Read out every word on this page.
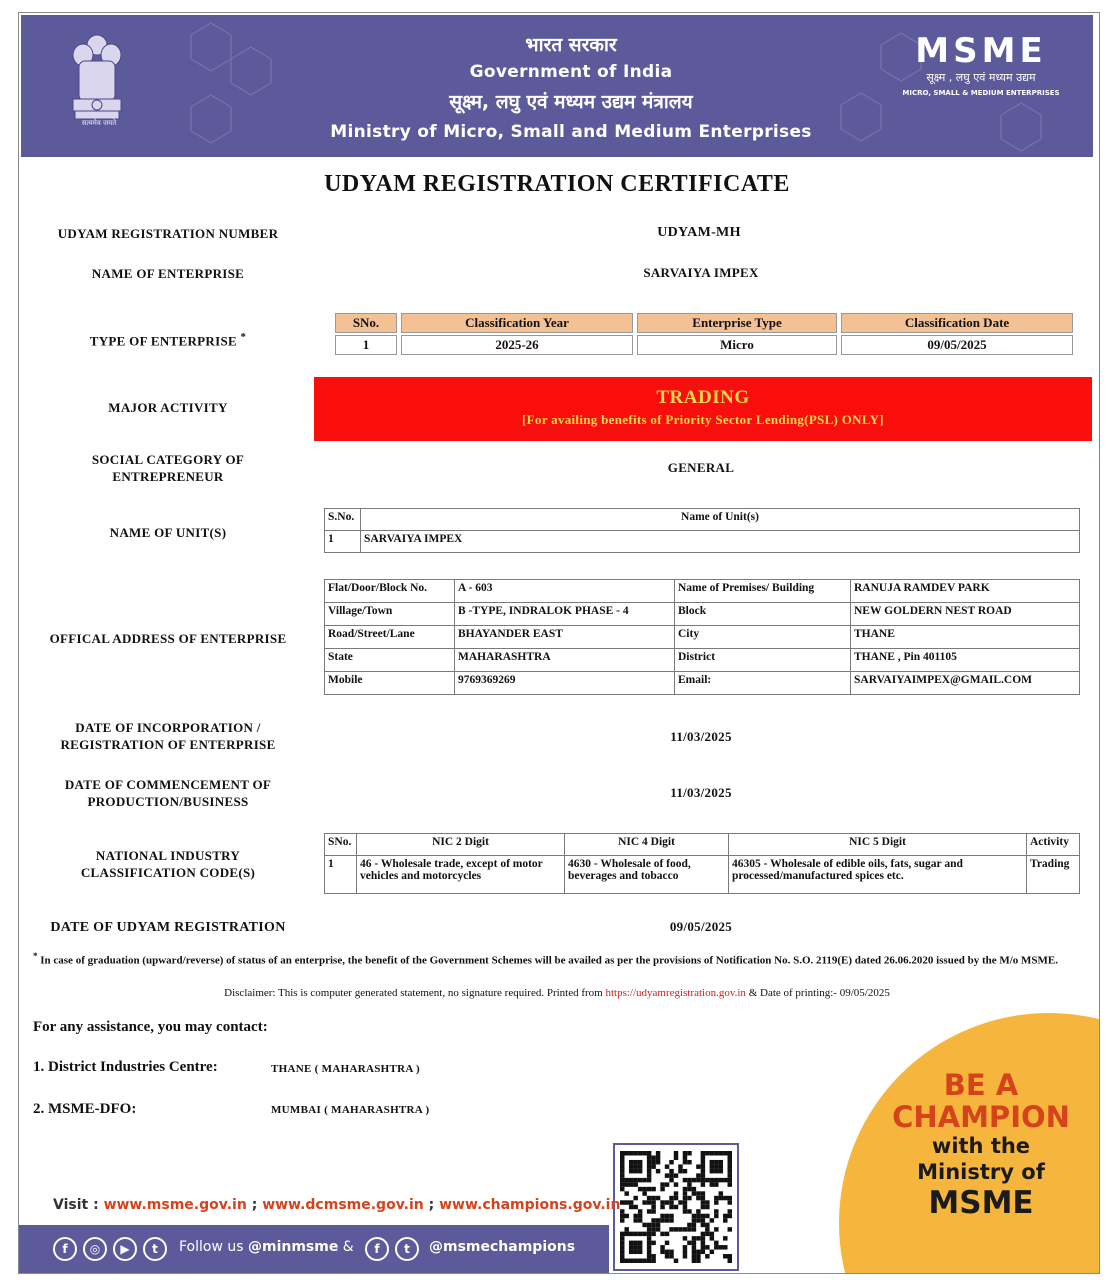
सत्यमेव जयते
भारत सरकार
Government of India
सूक्ष्म, लघु एवं मध्यम उद्यम मंत्रालय
Ministry of Micro, Small and Medium Enterprises
MSME
सूक्ष्म , लघु एवं मध्यम उद्यम
MICRO, SMALL & MEDIUM ENTERPRISES
UDYAM REGISTRATION CERTIFICATE
UDYAM REGISTRATION NUMBER	UDYAM-MH
NAME OF ENTERPRISE	SARVAIYA IMPEX
TYPE OF ENTERPRISE *
SNo.	Classification Year	Enterprise Type	Classification Date
1	2025-26	Micro	09/05/2025
MAJOR ACTIVITY	TRADING
[For availing benefits of Priority Sector Lending(PSL) ONLY]
SOCIAL CATEGORY OF ENTREPRENEUR
GENERAL
NAME OF UNIT(S)
S.No.	Name of Unit(s)
1	SARVAIYA IMPEX
OFFICAL ADDRESS OF ENTERPRISE
Flat/Door/Block No.	A - 603	Name of Premises/ Building	RANUJA RAMDEV PARK
Village/Town	B -TYPE, INDRALOK PHASE - 4	Block	NEW GOLDERN NEST ROAD
Road/Street/Lane	BHAYANDER EAST	City	THANE
State	MAHARASHTRA	District	THANE , Pin 401105
Mobile	9769369269	Email:	SARVAIYAIMPEX@GMAIL.COM
DATE OF INCORPORATION / REGISTRATION OF ENTERPRISE
11/03/2025
DATE OF COMMENCEMENT OF PRODUCTION/BUSINESS
11/03/2025
NATIONAL INDUSTRY CLASSIFICATION CODE(S)
SNo.	NIC 2 Digit	NIC 4 Digit	NIC 5 Digit	Activity
1	46 - Wholesale trade, except of motor vehicles and motorcycles	4630 - Wholesale of food, beverages and tobacco	46305 - Wholesale of edible oils, fats, sugar and processed/manufactured spices etc.	Trading
DATE OF UDYAM REGISTRATION	09/05/2025
* In case of graduation (upward/reverse) of status of an enterprise, the benefit of the Government Schemes will be availed as per the provisions of Notification No. S.O. 2119(E) dated 26.06.2020 issued by the M/o MSME.
Disclaimer: This is computer generated statement, no signature required. Printed from https://udyamregistration.gov.in & Date of printing:- 09/05/2025
For any assistance, you may contact:
1. District Industries Centre:	THANE ( MAHARASHTRA )
2. MSME-DFO:	MUMBAI ( MAHARASHTRA )
BE A
CHAMPION
with the
Ministry of
MSME
Visit : www.msme.gov.in ; www.dcmsme.gov.in ; www.champions.gov.in
f	◎	▶	t	Follow us @minmsme &	f	t	@msmechampions
